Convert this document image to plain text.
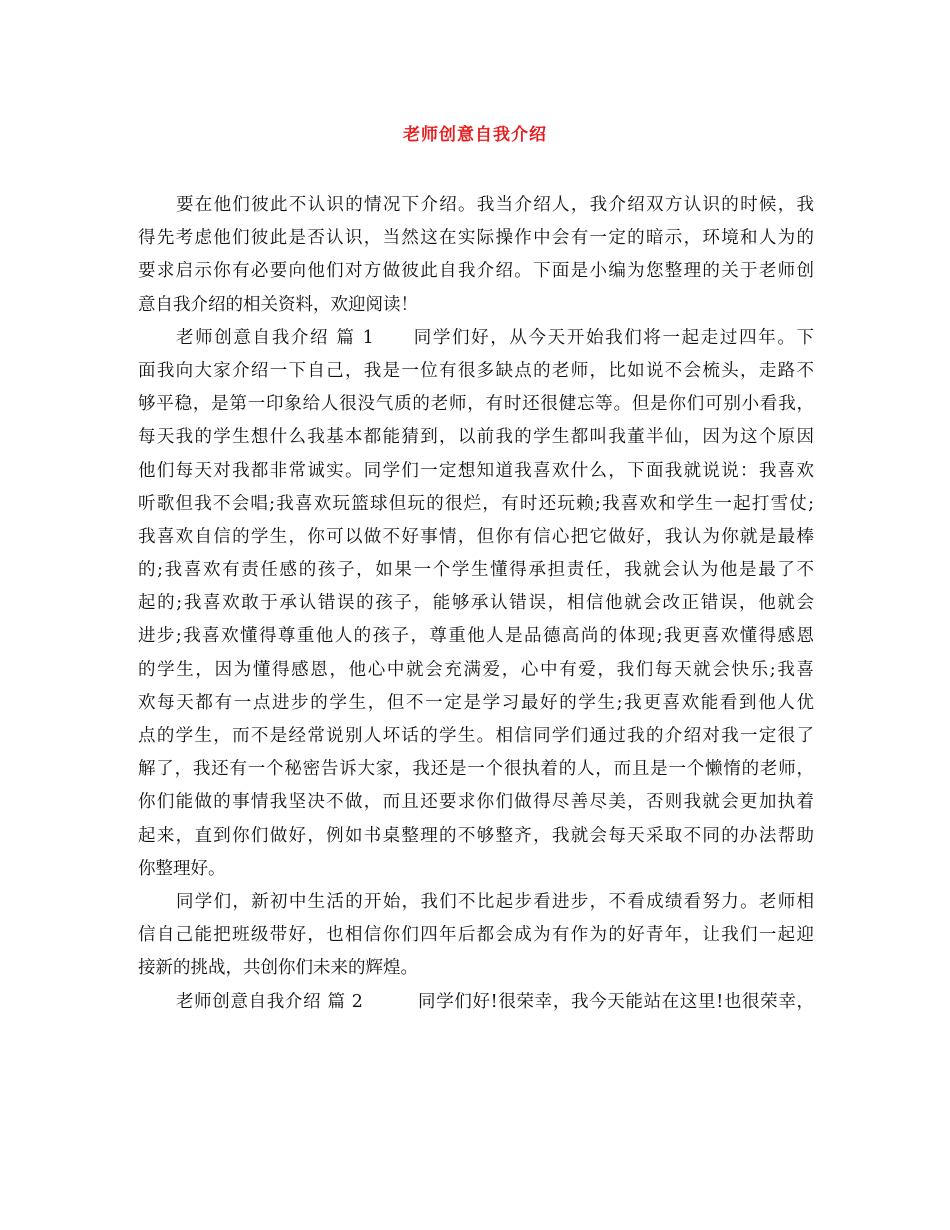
老师创意自我介绍
要在他们彼此不认识的情况下介绍。我当介绍人，我介绍双方认识的时候，我
得先考虑他们彼此是否认识，当然这在实际操作中会有一定的暗示，环境和人为的
要求启示你有必要向他们对方做彼此自我介绍。下面是小编为您整理的关于老师创
意自我介绍的相关资料，欢迎阅读！
老师创意自我介绍 篇 1　　同学们好，从今天开始我们将一起走过四年。下
面我向大家介绍一下自己，我是一位有很多缺点的老师，比如说不会梳头，走路不
够平稳，是第一印象给人很没气质的老师，有时还很健忘等。但是你们可别小看我，
每天我的学生想什么我基本都能猜到，以前我的学生都叫我董半仙，因为这个原因
他们每天对我都非常诚实。同学们一定想知道我喜欢什么，下面我就说说：我喜欢
听歌但我不会唱;我喜欢玩篮球但玩的很烂，有时还玩赖;我喜欢和学生一起打雪仗;
我喜欢自信的学生，你可以做不好事情，但你有信心把它做好，我认为你就是最棒
的;我喜欢有责任感的孩子，如果一个学生懂得承担责任，我就会认为他是最了不
起的;我喜欢敢于承认错误的孩子，能够承认错误，相信他就会改正错误，他就会
进步;我喜欢懂得尊重他人的孩子，尊重他人是品德高尚的体现;我更喜欢懂得感恩
的学生，因为懂得感恩，他心中就会充满爱，心中有爱，我们每天就会快乐;我喜
欢每天都有一点进步的学生，但不一定是学习最好的学生;我更喜欢能看到他人优
点的学生，而不是经常说别人坏话的学生。相信同学们通过我的介绍对我一定很了
解了，我还有一个秘密告诉大家，我还是一个很执着的人，而且是一个懒惰的老师，
你们能做的事情我坚决不做，而且还要求你们做得尽善尽美，否则我就会更加执着
起来，直到你们做好，例如书桌整理的不够整齐，我就会每天采取不同的办法帮助
你整理好。
同学们，新初中生活的开始，我们不比起步看进步，不看成绩看努力。老师相
信自己能把班级带好，也相信你们四年后都会成为有作为的好青年，让我们一起迎
接新的挑战，共创你们未来的辉煌。
老师创意自我介绍 篇 2　　　同学们好!很荣幸，我今天能站在这里!也很荣幸，
